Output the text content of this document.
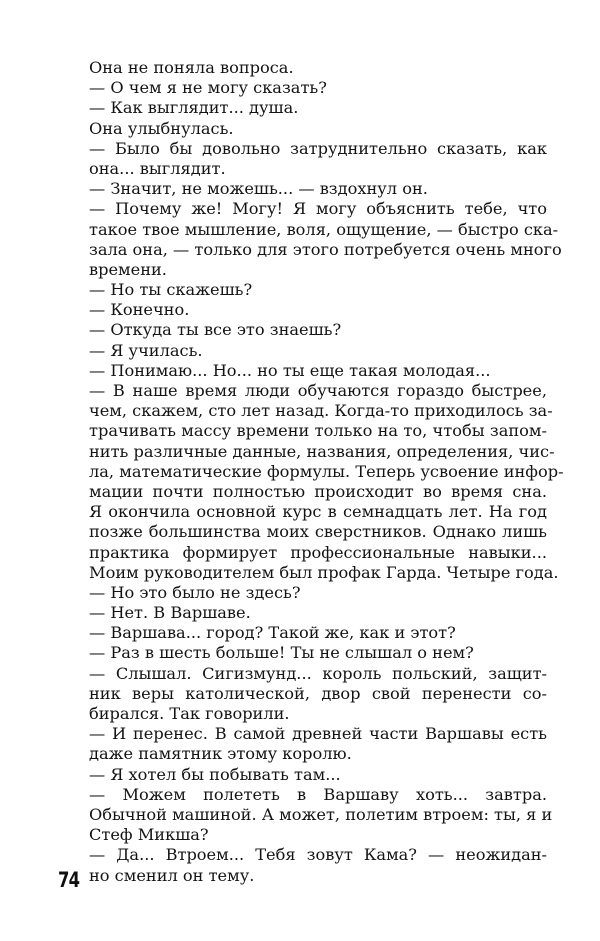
Она не поняла вопроса.
— О чем я не могу сказать?
— Как выглядит... душа.
Она улыбнулась.
— Было бы довольно затруднительно сказать, как
она... выглядит.
— Значит, не можешь... — вздохнул он.
— Почему же! Могу! Я могу объяснить тебе, что
такое твое мышление, воля, ощущение, — быстро ска-
зала она, — только для этого потребуется очень много
времени.
— Но ты скажешь?
— Конечно.
— Откуда ты все это знаешь?
— Я училась.
— Понимаю... Но... но ты еще такая молодая...
— В наше время люди обучаются гораздо быстрее,
чем, скажем, сто лет назад. Когда-то приходилось за-
трачивать массу времени только на то, чтобы запом-
нить различные данные, названия, определения, чис-
ла, математические формулы. Теперь усвоение инфор-
мации почти полностью происходит во время сна.
Я окончила основной курс в семнадцать лет. На год
позже большинства моих сверстников. Однако лишь
практика формирует профессиональные навыки...
Моим руководителем был профак Гарда. Четыре года.
— Но это было не здесь?
— Нет. В Варшаве.
— Варшава... город? Такой же, как и этот?
— Раз в шесть больше! Ты не слышал о нем?
— Слышал. Сигизмунд... король польский, защит-
ник веры католической, двор свой перенести со-
бирался. Так говорили.
— И перенес. В самой древней части Варшавы есть
даже памятник этому королю.
— Я хотел бы побывать там...
— Можем полететь в Варшаву хоть... завтра.
Обычной машиной. А может, полетим втроем: ты, я и
Стеф Микша?
— Да... Втроем... Тебя зовут Кама? — неожидан-
но сменил он тему.
74
